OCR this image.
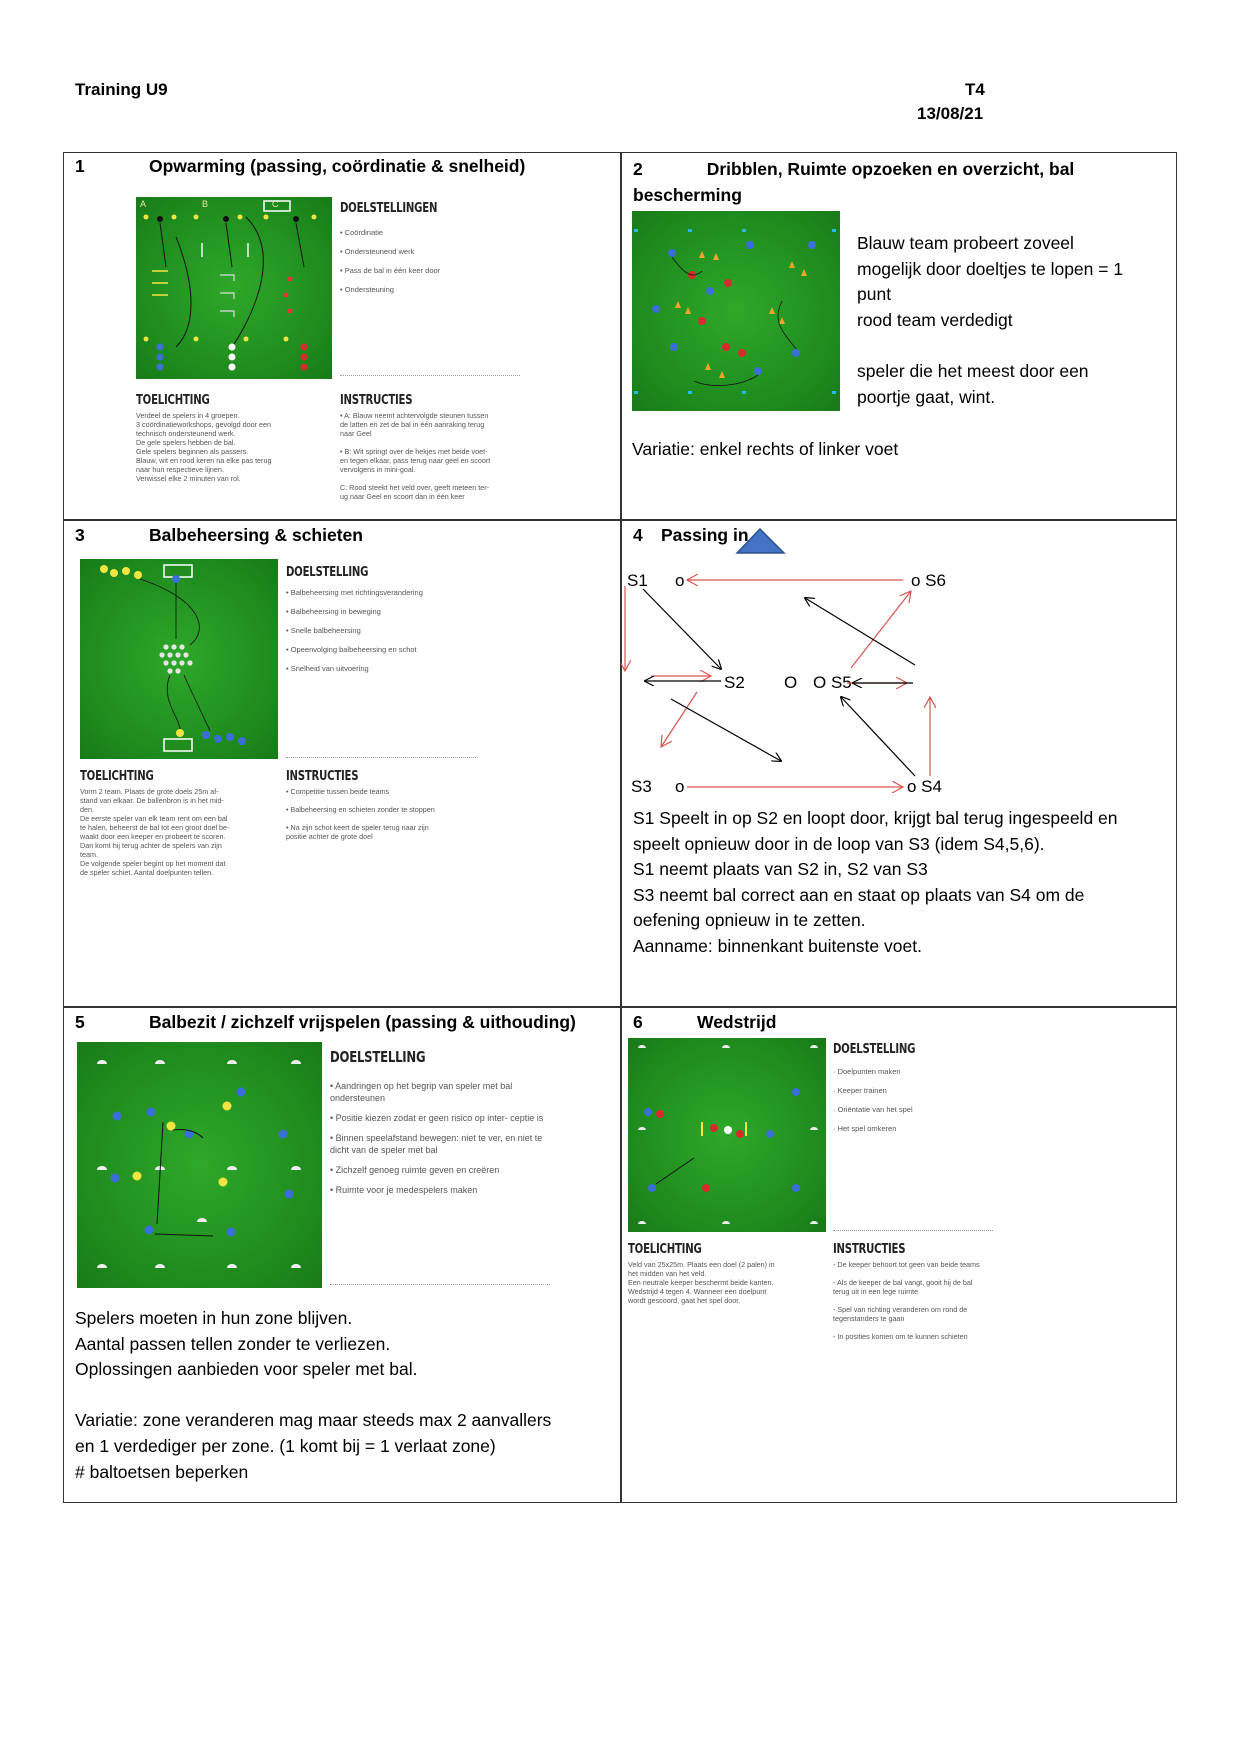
Training U9	T4
13/08/21
1	Opwarming (passing, coördinatie & snelheid)
A	B	C	DOELSTELLINGEN
• Coördinatie
• Ondersteunend werk
• Pass de bal in één keer door
• Ondersteuning
TOELICHTING
Verdeel de spelers in 4 groepen.
3 coördinatieworkshops, gevolgd door een
technisch ondersteunend werk.
De gele spelers hebben de bal.
Gele spelers beginnen als passers.
Blauw, wit en rood keren na elke pas terug
naar hun respectieve lijnen.
Verwissel elke 2 minuten van rol.
INSTRUCTIES
• A: Blauw neemt achtervolgde steunen tussen
de latten en zet de bal in één aanraking terug
naar Geel

• B: Wit springt over de hekjes met beide voet-
en tegen elkaar, pass terug naar geel en scoort
vervolgens in mini-goal.

C: Rood steekt het veld over, geeft meteen ter-
ug naar Geel en scoort dan in één keer
2	Dribblen, Ruimte opzoeken en overzicht, bal bescherming
Blauw team probeert zoveel
mogelijk door doeltjes te lopen = 1
punt
rood team verdedigt

speler die het meest door een
poortje gaat, wint.
Variatie: enkel rechts of linker voet
3	Balbeheersing & schieten
DOELSTELLING
• Balbeheersing met richtingsverandering
• Balbeheersing in beweging
• Snelle balbeheersing
• Opeenvolging balbeheersing en schot
• Snelheid van uitvoering
TOELICHTING
Vorm 2 team. Plaats de grote doels 25m af-
stand van elkaar. De ballenbron is in het mid-
den.
De eerste speler van elk team rent om een bal
te halen, beheerst de bal tot een groot doel be-
waakt door een keeper en probeert te scoren.
Dan komt hij terug achter de spelers van zijn
team.
De volgende speler begint op het moment dat
de speler schiet. Aantal doelpunten tellen.
INSTRUCTIES
• Competitie tussen beide teams

• Balbeheersing en schieten zonder te stoppen

• Na zijn schot keert de speler terug naar zijn
positie achter de grote doel
4 Passing in
S1 o	o S6
S2 O O S5
S3 o	o S4
S1 Speelt in op S2 en loopt door, krijgt bal terug ingespeeld en
speelt opnieuw door in de loop van S3 (idem S4,5,6).
S1 neemt plaats van S2 in, S2 van S3
S3 neemt bal correct aan en staat op plaats van S4 om de
oefening opnieuw in te zetten.
Aanname: binnenkant buitenste voet.
5	Balbezit / zichzelf vrijspelen (passing & uithouding)
DOELSTELLING
• Aandringen op het begrip van speler met bal ondersteunen
• Positie kiezen zodat er geen risico op inter- ceptie is
• Binnen speelafstand bewegen: niet te ver, en niet te dicht van de speler met bal
• Zichzelf genoeg ruimte geven en creëren
• Ruimte voor je medespelers maken
Spelers moeten in hun zone blijven.
Aantal passen tellen zonder te verliezen.
Oplossingen aanbieden voor speler met bal.

Variatie: zone veranderen mag maar steeds max 2 aanvallers
en 1 verdediger per zone. (1 komt bij = 1 verlaat zone)
# baltoetsen beperken
6	Wedstrijd
DOELSTELLING
· Doelpunten maken
· Keeper trainen
· Oriëntatie van het spel
· Het spel omkeren
TOELICHTING
Veld van 25x25m. Plaats een doel (2 palen) in
het midden van het veld.
Een neutrale keeper beschermt beide kanten.
Wedstrijd 4 tegen 4. Wanneer een doelpunt
wordt gescoord, gaat het spel door.
INSTRUCTIES
- De keeper behoort tot geen van beide teams

- Als de keeper de bal vangt, gooit hij de bal
terug uit in een lege ruimte

- Spel van richting veranderen om rond de
tegenstanders te gaan

- In posities komen om te kunnen schieten
